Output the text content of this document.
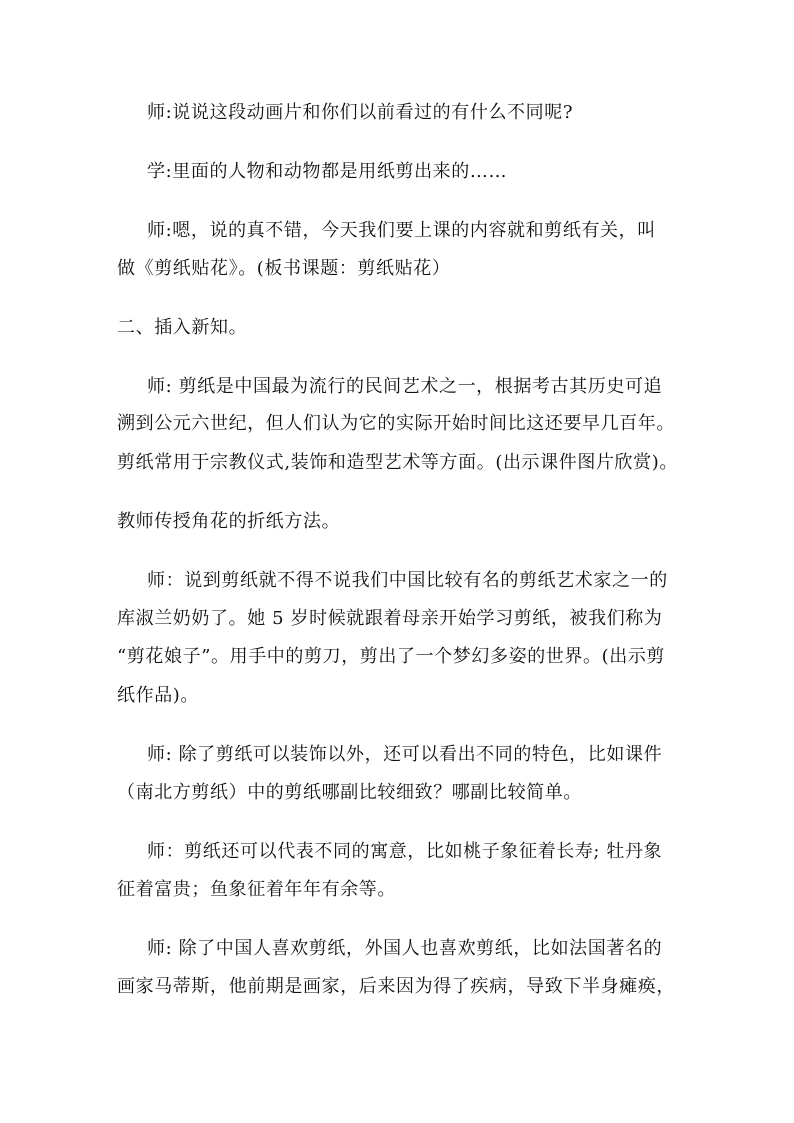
师:说说这段动画片和你们以前看过的有什么不同呢?
学:里面的人物和动物都是用纸剪出来的……
师:嗯，说的真不错，今天我们要上课的内容就和剪纸有关，叫
做《剪纸贴花》。(板书课题：剪纸贴花）
二、插入新知。
师: 剪纸是中国最为流行的民间艺术之一，根据考古其历史可追
溯到公元六世纪，但人们认为它的实际开始时间比这还要早几百年。
剪纸常用于宗教仪式,装饰和造型艺术等方面。(出示课件图片欣赏)。
教师传授角花的折纸方法。
师：说到剪纸就不得不说我们中国比较有名的剪纸艺术家之一的
库淑兰奶奶了。她 5 岁时候就跟着母亲开始学习剪纸，被我们称为
“剪花娘子”。用手中的剪刀，剪出了一个梦幻多姿的世界。(出示剪
纸作品)。
师: 除了剪纸可以装饰以外，还可以看出不同的特色，比如课件
（南北方剪纸）中的剪纸哪副比较细致？哪副比较简单。
师：剪纸还可以代表不同的寓意，比如桃子象征着长寿; 牡丹象
征着富贵；鱼象征着年年有余等。
师: 除了中国人喜欢剪纸，外国人也喜欢剪纸，比如法国著名的
画家马蒂斯，他前期是画家，后来因为得了疾病，导致下半身瘫痪，
